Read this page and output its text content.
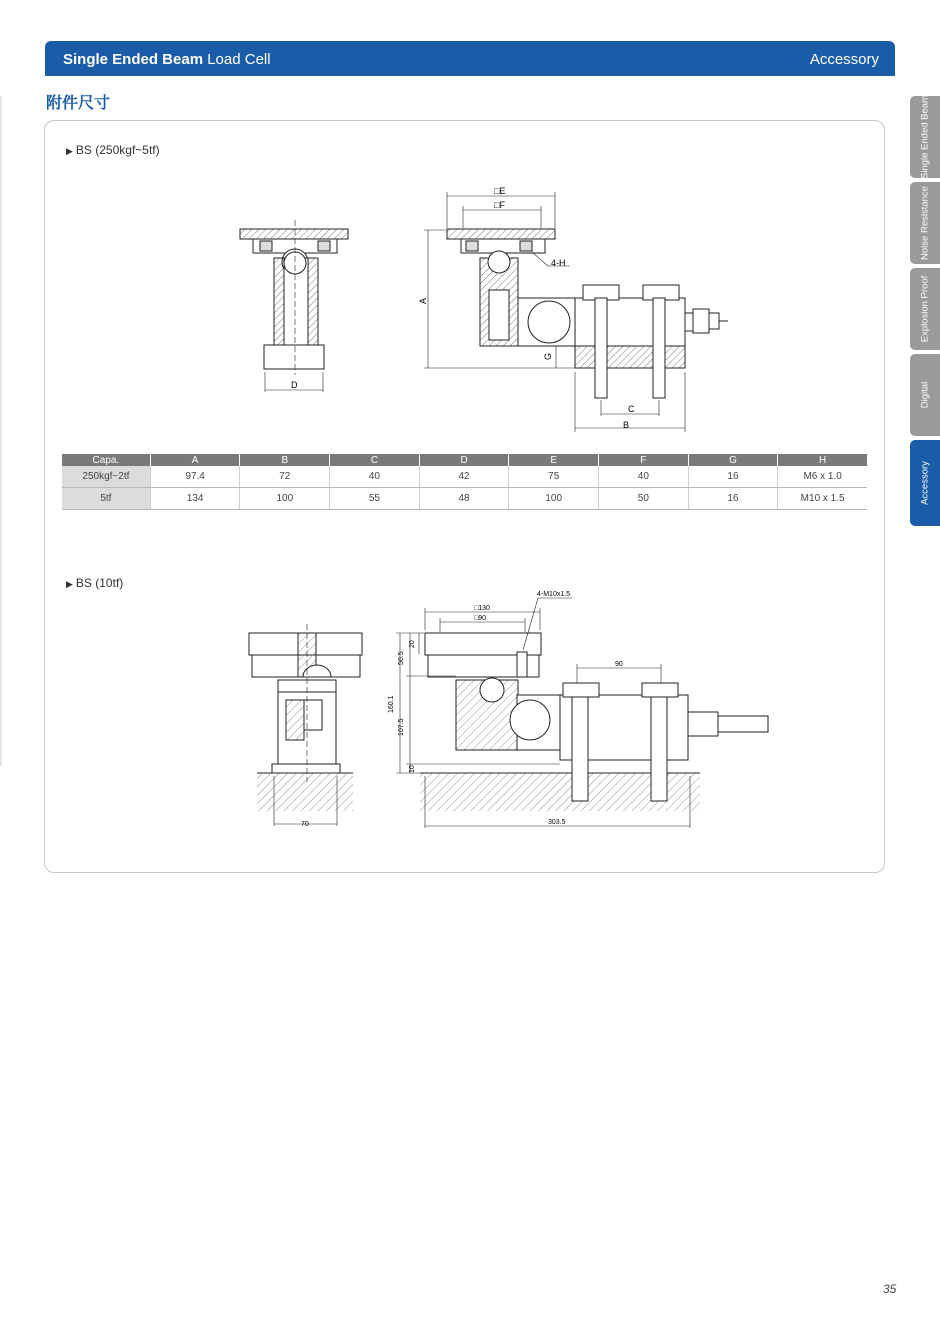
Single Ended Beam Load Cell	Accessory
附件尺寸
▶ BS (250kgf~5tf)
D
□E
□F
4-H
A
G
C
B
Capa.	A	B	C	D	E	F	G	H
250kgf~2tf	97.4	72	40	42	75	40	16	M6 x 1.0
5tf	134	100	55	48	100	50	16	M10 x 1.5
▶ BS (10tf)
70
4-M10x1.5
□130
□90
90
50.5
20
160.1
107.5
10
303.5
Single Ended Beam
Noise Resistance
Explosion Proof
Digital
Accessory
35
